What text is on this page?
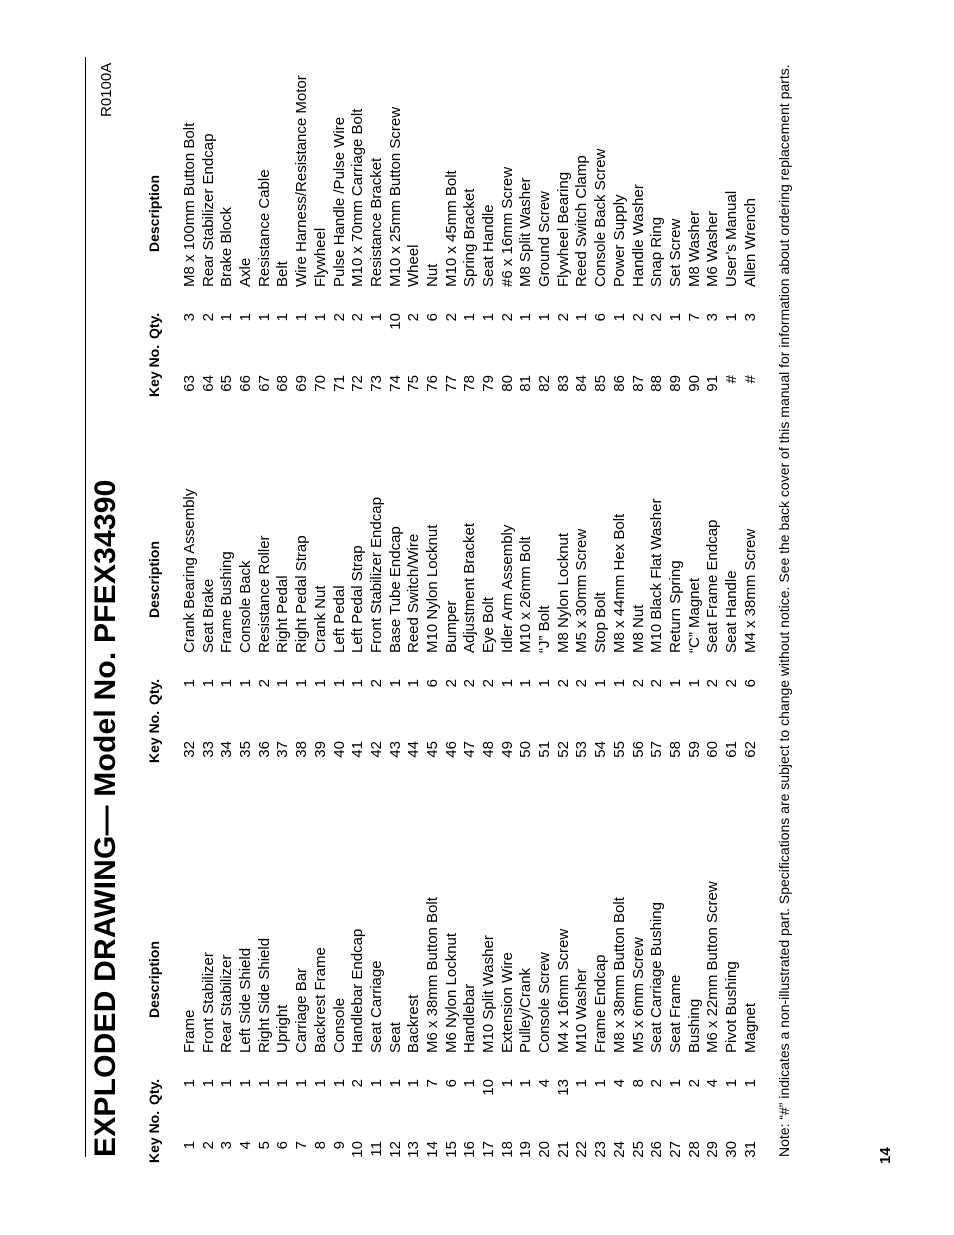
EXPLODED DRAWING— Model No. PFEX34390
R0100A
Key No.
Qty.
Description
1
1
Frame
2
1
Front Stabilizer
3
1
Rear Stabilizer
4
1
Left Side Shield
5
1
Right Side Shield
6
1
Upright
7
1
Carriage Bar
8
1
Backrest Frame
9
1
Console
10
2
Handlebar Endcap
11
1
Seat Carriage
12
1
Seat
13
1
Backrest
14
7
M6 x 38mm Button Bolt
15
6
M6 Nylon Locknut
16
1
Handlebar
17
10
M10 Split Washer
18
1
Extension Wire
19
1
Pulley/Crank
20
4
Console Screw
21
13
M4 x 16mm Screw
22
1
M10 Washer
23
1
Frame Endcap
24
4
M8 x 38mm Button Bolt
25
8
M5 x 6mm Screw
26
2
Seat Carriage Bushing
27
1
Seat Frame
28
2
Bushing
29
4
M6 x 22mm Button Screw
30
1
Pivot Bushing
31
1
Magnet
Key No.
Qty.
Description
32
1
Crank Bearing Assembly
33
1
Seat Brake
34
1
Frame Bushing
35
1
Console Back
36
2
Resistance Roller
37
1
Right Pedal
38
1
Right Pedal Strap
39
1
Crank Nut
40
1
Left Pedal
41
1
Left Pedal Strap
42
2
Front Stabilizer Endcap
43
1
Base Tube Endcap
44
1
Reed Switch/Wire
45
6
M10 Nylon Locknut
46
2
Bumper
47
2
Adjustment Bracket
48
2
Eye Bolt
49
1
Idler Arm Assembly
50
1
M10 x 26mm Bolt
51
1
“J” Bolt
52
2
M8 Nylon Locknut
53
2
M5 x 30mm Screw
54
1
Stop Bolt
55
1
M8 x 44mm Hex Bolt
56
2
M8 Nut
57
2
M10 Black Flat Washer
58
1
Return Spring
59
1
“C” Magnet
60
2
Seat Frame Endcap
61
2
Seat Handle
62
6
M4 x 38mm Screw
Key No.
Qty.
Description
63
3
M8 x 100mm Button Bolt
64
2
Rear Stabilizer Endcap
65
1
Brake Block
66
1
Axle
67
1
Resistance Cable
68
1
Belt
69
1
Wire Harness/Resistance Motor
70
1
Flywheel
71
2
Pulse Handle /Pulse Wire
72
2
M10 x 70mm Carriage Bolt
73
1
Resistance Bracket
74
10
M10 x 25mm Button Screw
75
2
Wheel
76
6
Nut
77
2
M10 x 45mm Bolt
78
1
Spring Bracket
79
1
Seat Handle
80
2
#6 x 16mm Screw
81
1
M8 Split Washer
82
1
Ground Screw
83
2
Flywheel Bearing
84
1
Reed Switch Clamp
85
6
Console Back Screw
86
1
Power Supply
87
2
Handle Washer
88
2
Snap Ring
89
1
Set Screw
90
7
M8 Washer
91
3
M6 Washer
#
1
User’s Manual
#
3
Allen Wrench Note: “#” indicates a non-illustrated part. Specifications are subject to change without notice. See the back cover of this manual for information about ordering replacement parts.	14
